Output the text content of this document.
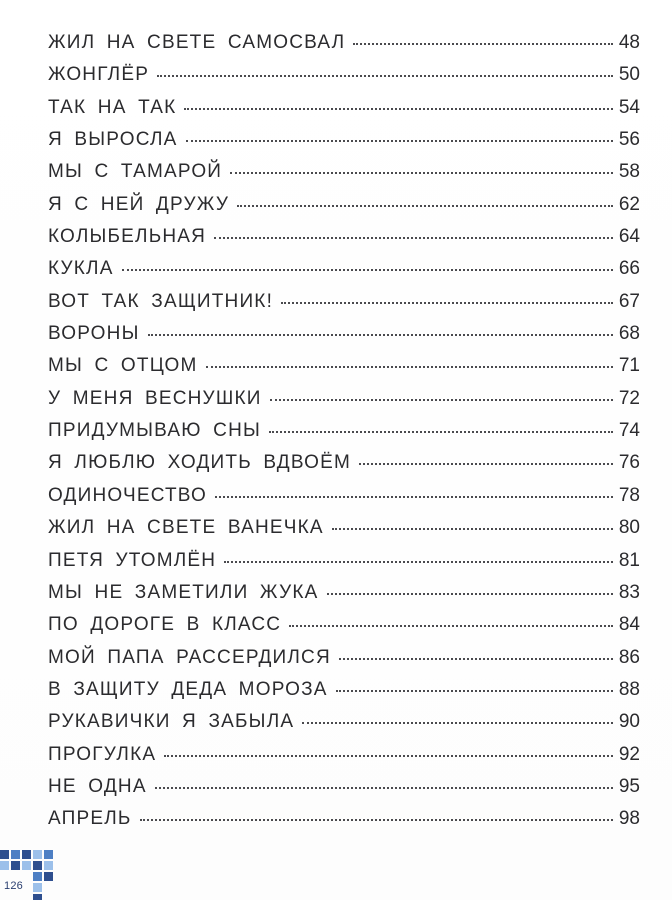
ЖИЛ НА СВЕТЕ САМОСВАЛ	48
ЖОНГЛЁР	50
ТАК НА ТАК	54
Я ВЫРОСЛА	56
МЫ С ТАМАРОЙ	58
Я С НЕЙ ДРУЖУ	62
КОЛЫБЕЛЬНАЯ	64
КУКЛА	66
ВОТ ТАК ЗАЩИТНИК!	67
ВОРОНЫ	68
МЫ С ОТЦОМ	71
У МЕНЯ ВЕСНУШКИ	72
ПРИДУМЫВАЮ СНЫ	74
Я ЛЮБЛЮ ХОДИТЬ ВДВОЁМ	76
ОДИНОЧЕСТВО	78
ЖИЛ НА СВЕТЕ ВАНЕЧКА	80
ПЕТЯ УТОМЛЁН	81
МЫ НЕ ЗАМЕТИЛИ ЖУКА	83
ПО ДОРОГЕ В КЛАСС	84
МОЙ ПАПА РАССЕРДИЛСЯ	86
В ЗАЩИТУ ДЕДА МОРОЗА	88
РУКАВИЧКИ Я ЗАБЫЛА	90
ПРОГУЛКА	92
НЕ ОДНА	95
АПРЕЛЬ	98
126
